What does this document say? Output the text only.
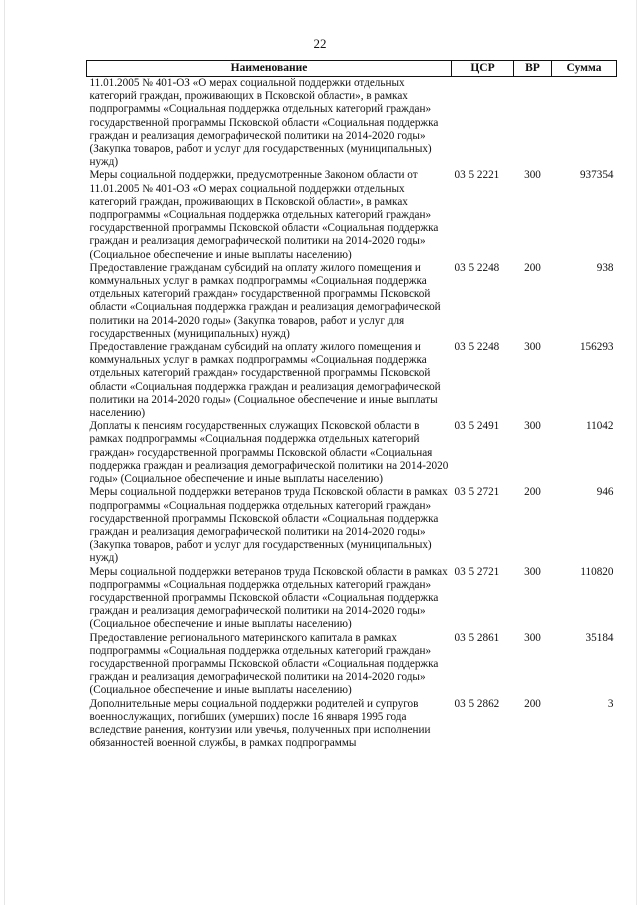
22
Наименование	ЦСР	ВР	Сумма
11.01.2005 № 401-ОЗ «О мерах социальной поддержки отдельных категорий граждан, проживающих в Псковской области», в рамках подпрограммы «Социальная поддержка отдельных категорий граждан» государственной программы Псковской области «Социальная поддержка граждан и реализация демографической политики на 2014-2020 годы» (Закупка товаров, работ и услуг для государственных (муниципальных) нужд)			
Меры социальной поддержки, предусмотренные Законом области от 11.01.2005 № 401-ОЗ «О мерах социальной поддержки отдельных категорий граждан, проживающих в Псковской области», в рамках подпрограммы «Социальная поддержка отдельных категорий граждан» государственной программы Псковской области «Социальная поддержка граждан и реализация демографической политики на 2014-2020 годы» (Социальное обеспечение и иные выплаты населению)	03 5 2221	300	937354
Предоставление гражданам субсидий на оплату жилого помещения и коммунальных услуг в рамках подпрограммы «Социальная поддержка отдельных категорий граждан» государственной программы Псковской области «Социальная поддержка граждан и реализация демографической политики на 2014-2020 годы» (Закупка товаров, работ и услуг для государственных (муниципальных) нужд)	03 5 2248	200	938
Предоставление гражданам субсидий на оплату жилого помещения и коммунальных услуг в рамках подпрограммы «Социальная поддержка отдельных категорий граждан» государственной программы Псковской области «Социальная поддержка граждан и реализация демографической политики на 2014-2020 годы» (Социальное обеспечение и иные выплаты населению)	03 5 2248	300	156293
Доплаты к пенсиям государственных служащих Псковской области в рамках подпрограммы «Социальная поддержка отдельных категорий граждан» государственной программы Псковской области «Социальная поддержка граждан и реализация демографической политики на 2014-2020 годы» (Социальное обеспечение и иные выплаты населению)	03 5 2491	300	11042
Меры социальной поддержки ветеранов труда Псковской области в рамках подпрограммы «Социальная поддержка отдельных категорий граждан» государственной программы Псковской области «Социальная поддержка граждан и реализация демографической политики на 2014-2020 годы» (Закупка товаров, работ и услуг для государственных (муниципальных) нужд)	03 5 2721	200	946
Меры социальной поддержки ветеранов труда Псковской области в рамках подпрограммы «Социальная поддержка отдельных категорий граждан» государственной программы Псковской области «Социальная поддержка граждан и реализация демографической политики на 2014-2020 годы» (Социальное обеспечение и иные выплаты населению)	03 5 2721	300	110820
Предоставление регионального материнского капитала в рамках подпрограммы «Социальная поддержка отдельных категорий граждан» государственной программы Псковской области «Социальная поддержка граждан и реализация демографической политики на 2014-2020 годы» (Социальное обеспечение и иные выплаты населению)	03 5 2861	300	35184
Дополнительные меры социальной поддержки родителей и супругов военнослужащих, погибших (умерших) после 16 января 1995 года вследствие ранения, контузии или увечья, полученных при исполнении обязанностей военной службы, в рамках подпрограммы	03 5 2862	200	3
